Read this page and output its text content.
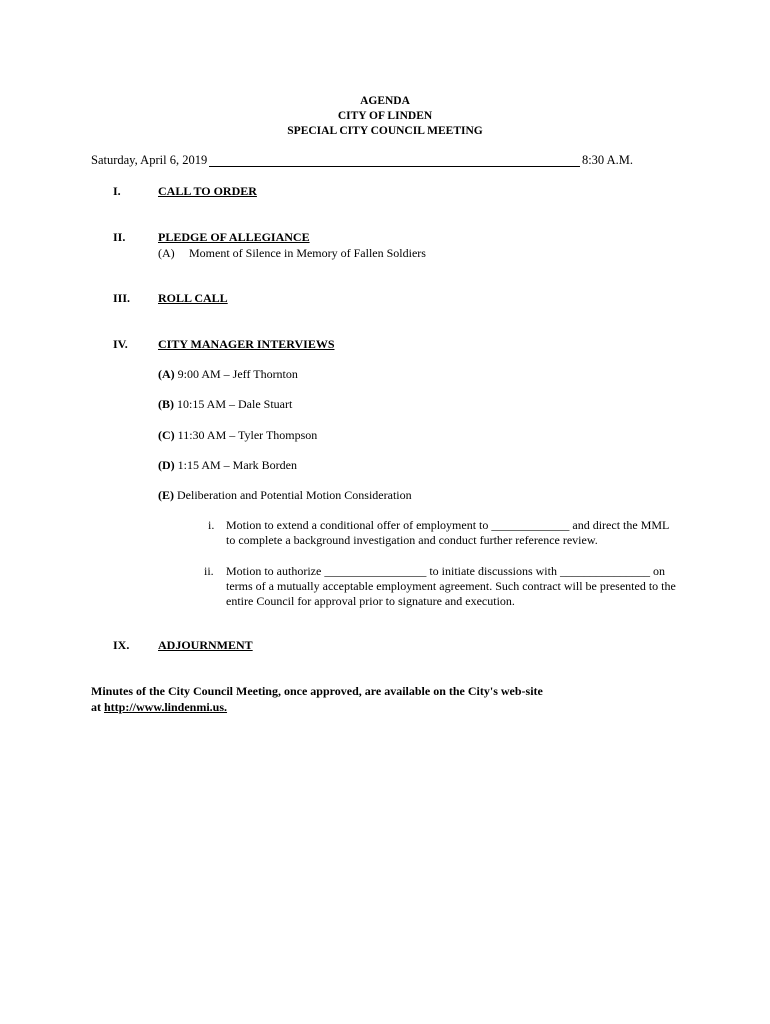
AGENDA
CITY OF LINDEN
SPECIAL CITY COUNCIL MEETING
Saturday, April 6, 2019	8:30 A.M.
I.	CALL TO ORDER
II.	PLEDGE OF ALLEGIANCE
(A) Moment of Silence in Memory of Fallen Soldiers
III. ROLL CALL
IV.	CITY MANAGER INTERVIEWS
(A) 9:00 AM – Jeff Thornton
(B) 10:15 AM – Dale Stuart
(C) 11:30 AM – Tyler Thompson
(D) 1:15 AM – Mark Borden
(E) Deliberation and Potential Motion Consideration
i. Motion to extend a conditional offer of employment to _____________ and direct the MML to complete a background investigation and conduct further reference review.
ii. Motion to authorize _________________ to initiate discussions with _______________ on terms of a mutually acceptable employment agreement. Such contract will be presented to the entire Council for approval prior to signature and execution.
IX. ADJOURNMENT
Minutes of the City Council Meeting, once approved, are available on the City's web-site
at http://www.lindenmi.us.
